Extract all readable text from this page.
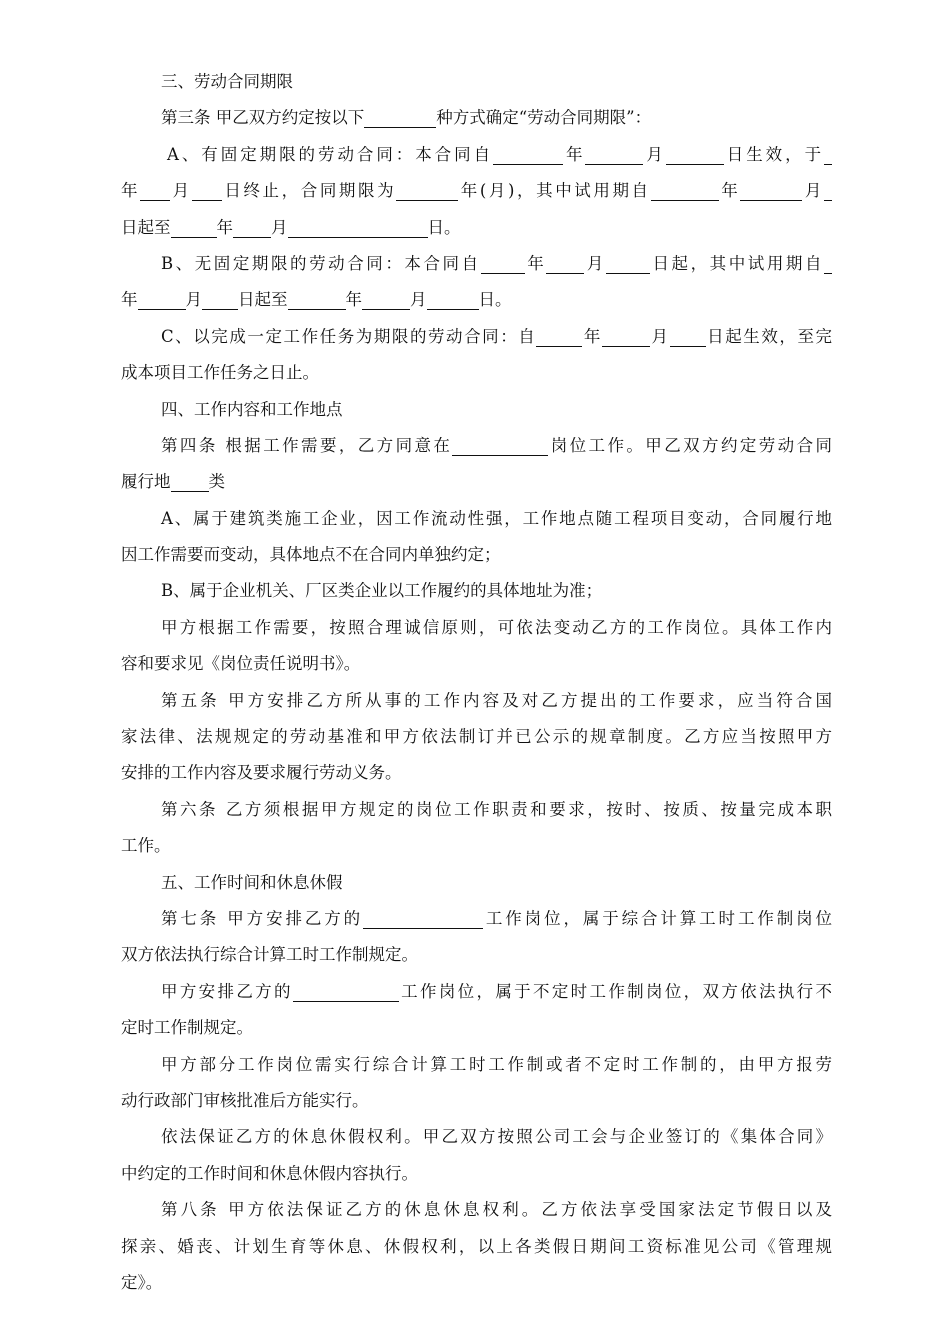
三、劳动合同期限
第三条 甲乙双方约定按以下	种方式确定“劳动合同期限”：
A、有固定期限的劳动合同：本合同自	年	月	日生效，于
年 月 日终止，合同期限为	年(月)，其中试用期自	年	月
日起至	年 月	日。
B、无固定期限的劳动合同：本合同自	年 月	日起，其中试用期自
年	月 日起至	年	月	日。
C、以完成一定工作任务为期限的劳动合同：自	年	月 日起生效，至完
成本项目工作任务之日止。
四、工作内容和工作地点
第四条 根据工作需要，乙方同意在	岗位工作。甲乙双方约定劳动合同
履行地 类
A、属于建筑类施工企业，因工作流动性强，工作地点随工程项目变动，合同履行地
因工作需要而变动，具体地点不在合同内单独约定；
B、属于企业机关、厂区类企业以工作履约的具体地址为准；
甲方根据工作需要，按照合理诚信原则，可依法变动乙方的工作岗位。具体工作内
容和要求见《岗位责任说明书》。
第五条 甲方安排乙方所从事的工作内容及对乙方提出的工作要求，应当符合国
家法律、法规规定的劳动基准和甲方依法制订并已公示的规章制度。乙方应当按照甲方
安排的工作内容及要求履行劳动义务。
第六条 乙方须根据甲方规定的岗位工作职责和要求，按时、按质、按量完成本职
工作。
五、工作时间和休息休假
第七条 甲方安排乙方的	工作岗位，属于综合计算工时工作制岗位
双方依法执行综合计算工时工作制规定。
甲方安排乙方的	工作岗位，属于不定时工作制岗位，双方依法执行不
定时工作制规定。
甲方部分工作岗位需实行综合计算工时工作制或者不定时工作制的，由甲方报劳
动行政部门审核批准后方能实行。
依法保证乙方的休息休假权利。甲乙双方按照公司工会与企业签订的《集体合同》
中约定的工作时间和休息休假内容执行。
第八条 甲方依法保证乙方的休息休息权利。乙方依法享受国家法定节假日以及
探亲、婚丧、计划生育等休息、休假权利，以上各类假日期间工资标准见公司《管理规
定》。
